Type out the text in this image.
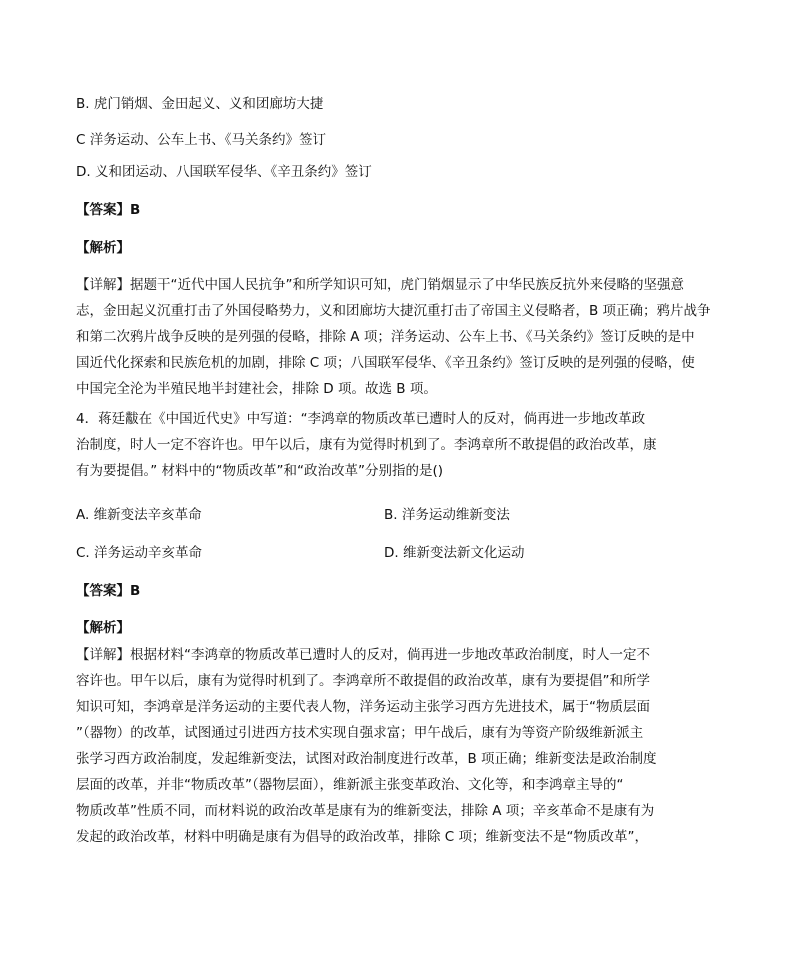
B. 虎门销烟、金田起义、义和团廊坊大捷
C 洋务运动、公车上书、《马关条约》签订
D. 义和团运动、八国联军侵华、《辛丑条约》签订
【答案】B
【解析】
【详解】据题干“近代中国人民抗争”和所学知识可知，虎门销烟显示了中华民族反抗外来侵略的坚强意
志，金田起义沉重打击了外国侵略势力，义和团廊坊大捷沉重打击了帝国主义侵略者，B 项正确；鸦片战争
和第二次鸦片战争反映的是列强的侵略，排除 A 项；洋务运动、公车上书、《马关条约》签订反映的是中
国近代化探索和民族危机的加剧，排除 C 项；八国联军侵华、《辛丑条约》签订反映的是列强的侵略，使
中国完全沦为半殖民地半封建社会，排除 D 项。故选 B 项。
4．蒋廷黻在《中国近代史》中写道：“李鸿章的物质改革已遭时人的反对，倘再进一步地改革政
治制度，时人一定不容许也。甲午以后，康有为觉得时机到了。李鸿章所不敢提倡的政治改革，康
有为要提倡。” 材料中的“物质改革”和“政治改革”分别指的是()
A. 维新变法辛亥革命	B. 洋务运动维新变法
C. 洋务运动辛亥革命	D. 维新变法新文化运动
【答案】B
【解析】
【详解】根据材料“李鸿章的物质改革已遭时人的反对，倘再进一步地改革政治制度，时人一定不
容许也。甲午以后，康有为觉得时机到了。李鸿章所不敢提倡的政治改革，康有为要提倡”和所学
知识可知，李鸿章是洋务运动的主要代表人物，洋务运动主张学习西方先进技术，属于“物质层面
”（器物）的改革，试图通过引进西方技术实现自强求富；甲午战后，康有为等资产阶级维新派主
张学习西方政治制度，发起维新变法，试图对政治制度进行改革，B 项正确；维新变法是政治制度
层面的改革，并非“物质改革”（器物层面），维新派主张变革政治、文化等，和李鸿章主导的“
物质改革”性质不同，而材料说的政治改革是康有为的维新变法，排除 A 项；辛亥革命不是康有为
发起的政治改革，材料中明确是康有为倡导的政治改革，排除 C 项；维新变法不是“物质改革”，
